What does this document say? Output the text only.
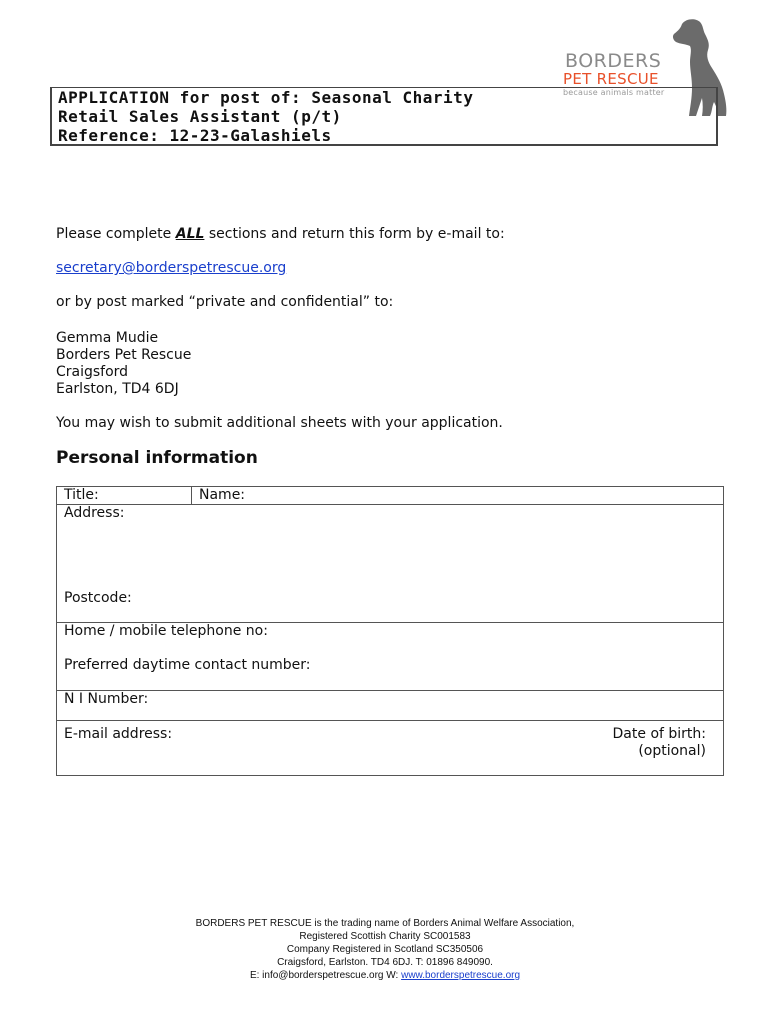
BORDERS
PET RESCUE
because animals matter
APPLICATION for post of: Seasonal Charity
Retail Sales Assistant (p/t)
Reference: 12-23-Galashiels
Please complete ALL sections and return this form by e-mail to:
secretary@borderspetrescue.org
or by post marked “private and confidential” to:
Gemma Mudie
Borders Pet Rescue
Craigsford
Earlston, TD4 6DJ
You may wish to submit additional sheets with your application.
Personal information
Title:	Name:

Address:
Postcode:

Home / mobile telephone no:
Preferred daytime contact number:

N I Number:

E-mail address:	Date of birth:
(optional)
BORDERS PET RESCUE is the trading name of Borders Animal Welfare Association,
Registered Scottish Charity SC001583
Company Registered in Scotland SC350506
Craigsford, Earlston. TD4 6DJ. T: 01896 849090.
E: info@borderspetrescue.org W: www.borderspetrescue.org
